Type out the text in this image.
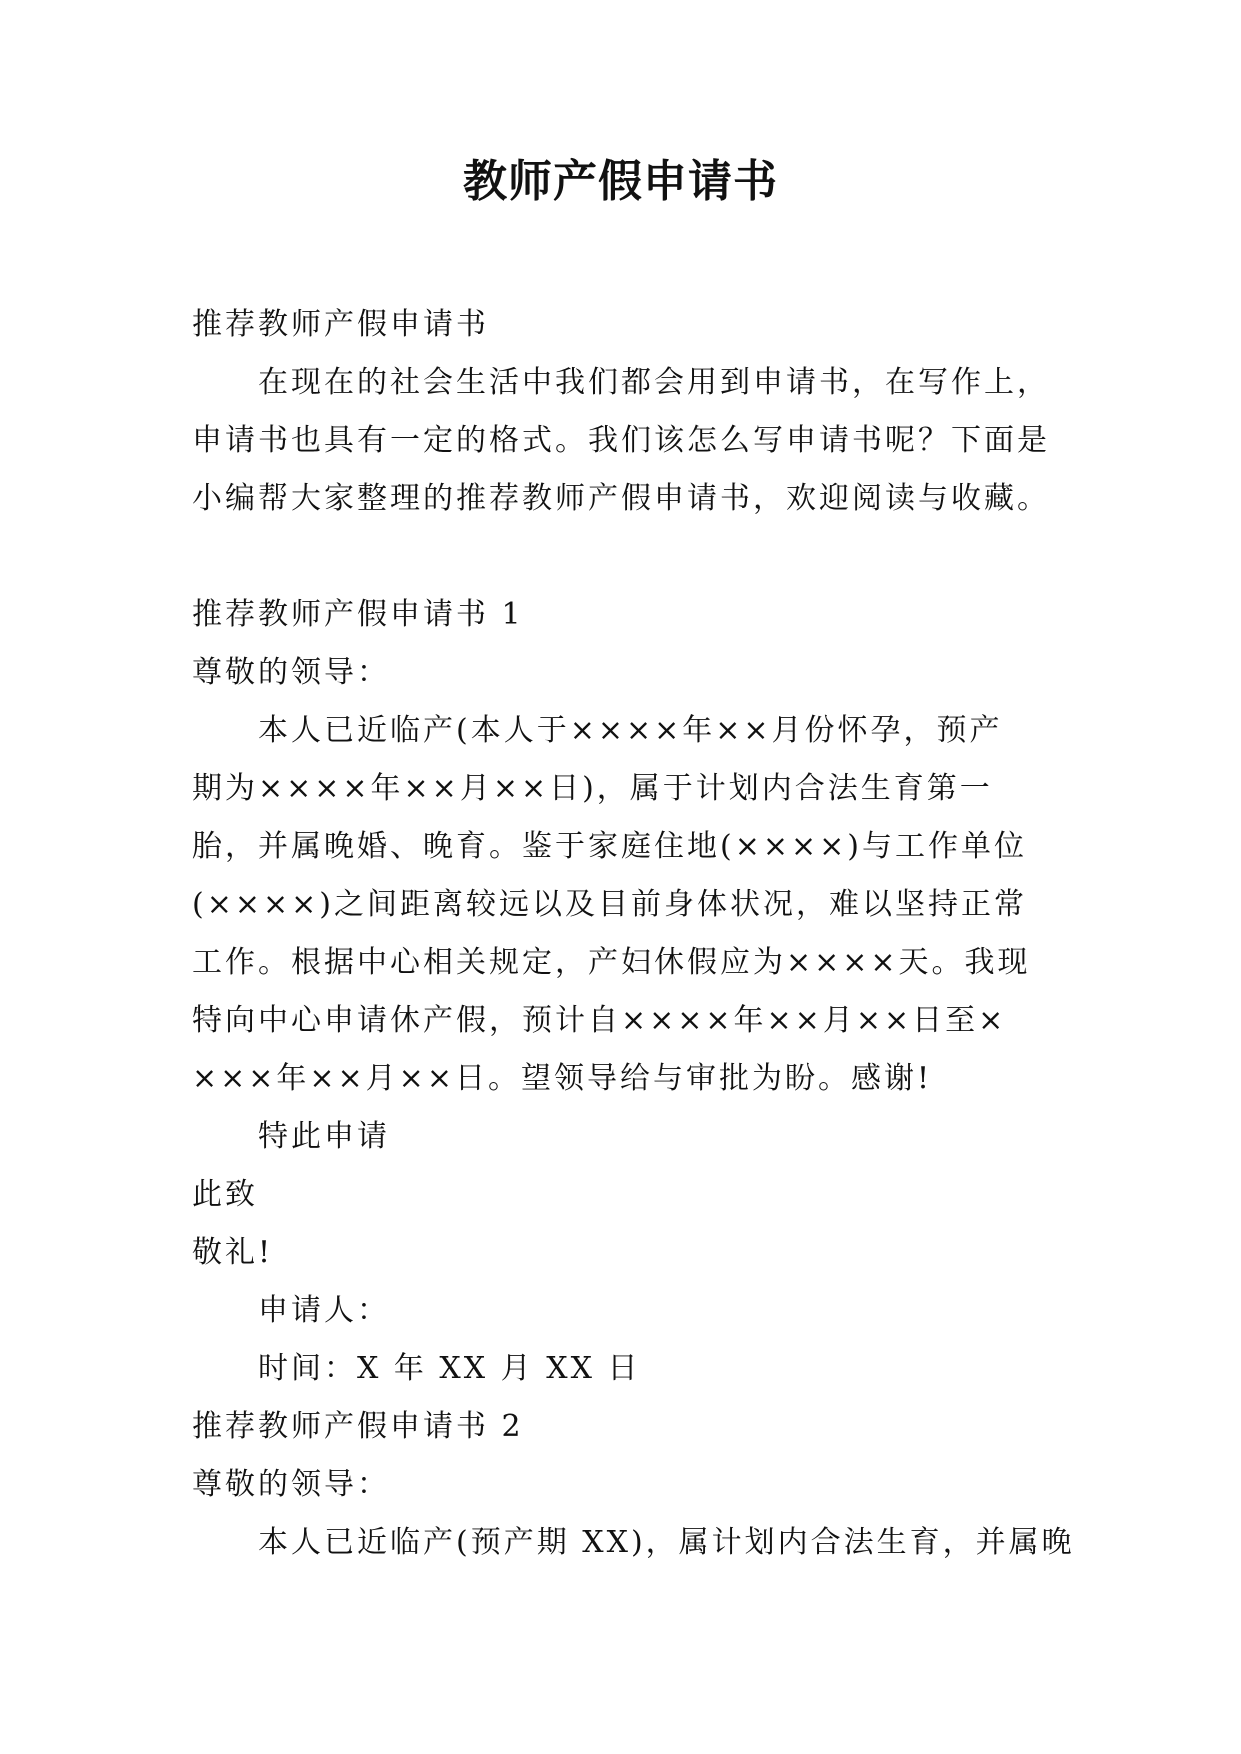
教师产假申请书

推荐教师产假申请书

在现在的社会生活中我们都会用到申请书，在写作上，

申请书也具有一定的格式。我们该怎么写申请书呢？下面是

小编帮大家整理的推荐教师产假申请书，欢迎阅读与收藏。

推荐教师产假申请书 1

尊敬的领导：

本人已近临产(本人于××××年××月份怀孕，预产

期为××××年××月××日)，属于计划内合法生育第一

胎，并属晚婚、晚育。鉴于家庭住地(××××)与工作单位

(××××)之间距离较远以及目前身体状况，难以坚持正常

工作。根据中心相关规定，产妇休假应为××××天。我现

特向中心申请休产假，预计自××××年××月××日至×

×××年××月××日。望领导给与审批为盼。感谢!

特此申请

此致

敬礼!

申请人：

时间：X 年 XX 月 XX 日

推荐教师产假申请书 2

尊敬的领导：

本人已近临产(预产期 XX)，属计划内合法生育，并属晚
